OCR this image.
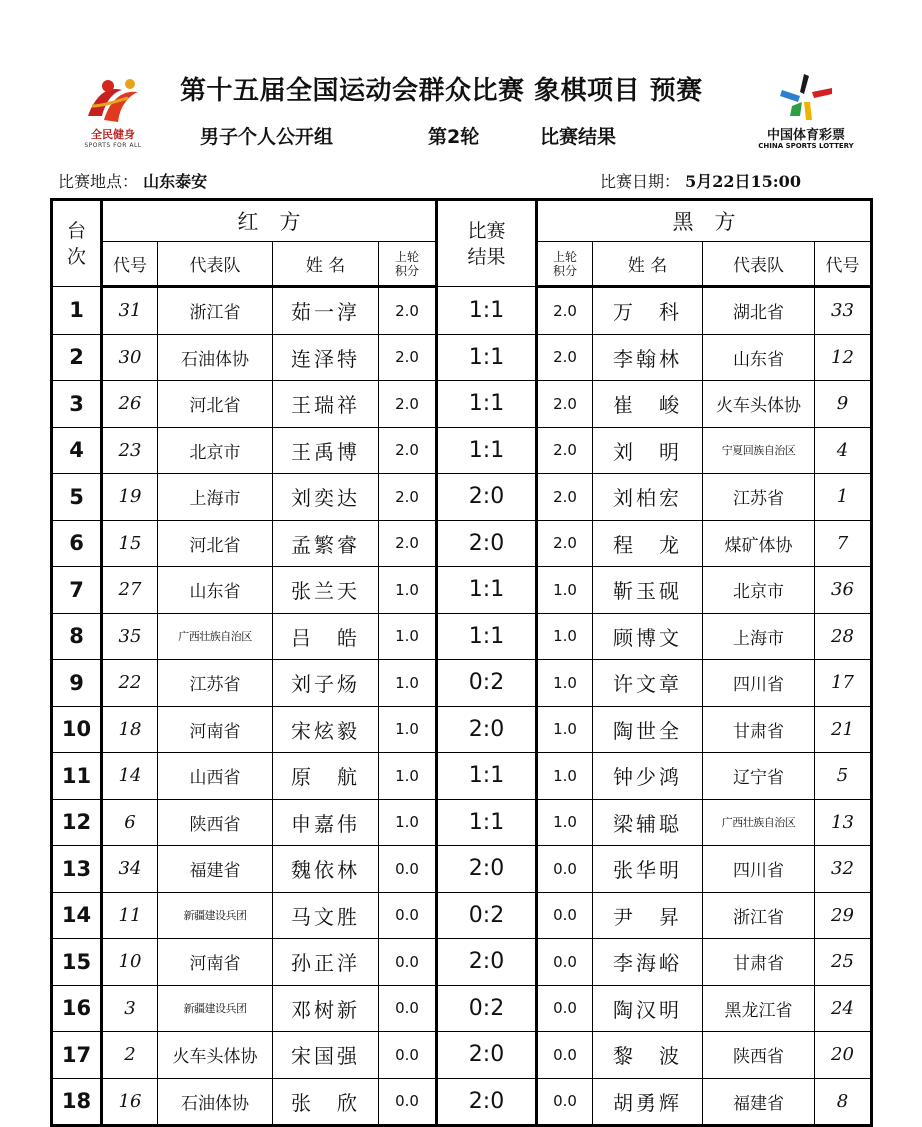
全民健身
SPORTS FOR ALL
中国体育彩票
CHINA SPORTS LOTTERY
第十五届全国运动会群众比赛 象棋项目 预赛
男子个人公开组	第2轮	比赛结果
比赛地点： 山东泰安	比赛日期： 5月22日15:00
台次	红　方				比赛结果	黑　方			
	代号	代表队	姓 名	上轮积分		上轮积分	姓 名	代表队	代号
1	31	浙江省	茹一淳	2.0	1:1	2.0	万　科	湖北省	33
2	30	石油体协	连泽特	2.0	1:1	2.0	李翰林	山东省	12
3	26	河北省	王瑞祥	2.0	1:1	2.0	崔　峻	火车头体协	9
4	23	北京市	王禹博	2.0	1:1	2.0	刘　明	宁夏回族自治区	4
5	19	上海市	刘奕达	2.0	2:0	2.0	刘柏宏	江苏省	1
6	15	河北省	孟繁睿	2.0	2:0	2.0	程　龙	煤矿体协	7
7	27	山东省	张兰天	1.0	1:1	1.0	靳玉砚	北京市	36
8	35	广西壮族自治区	吕　皓	1.0	1:1	1.0	顾博文	上海市	28
9	22	江苏省	刘子炀	1.0	0:2	1.0	许文章	四川省	17
10	18	河南省	宋炫毅	1.0	2:0	1.0	陶世全	甘肃省	21
11	14	山西省	原　航	1.0	1:1	1.0	钟少鸿	辽宁省	5
12	6	陕西省	申嘉伟	1.0	1:1	1.0	梁辅聪	广西壮族自治区	13
13	34	福建省	魏依林	0.0	2:0	0.0	张华明	四川省	32
14	11	新疆建设兵团	马文胜	0.0	0:2	0.0	尹　昇	浙江省	29
15	10	河南省	孙正洋	0.0	2:0	0.0	李海峪	甘肃省	25
16	3	新疆建设兵团	邓树新	0.0	0:2	0.0	陶汉明	黑龙江省	24
17	2	火车头体协	宋国强	0.0	2:0	0.0	黎　波	陕西省	20
18	16	石油体协	张　欣	0.0	2:0	0.0	胡勇辉	福建省	8
